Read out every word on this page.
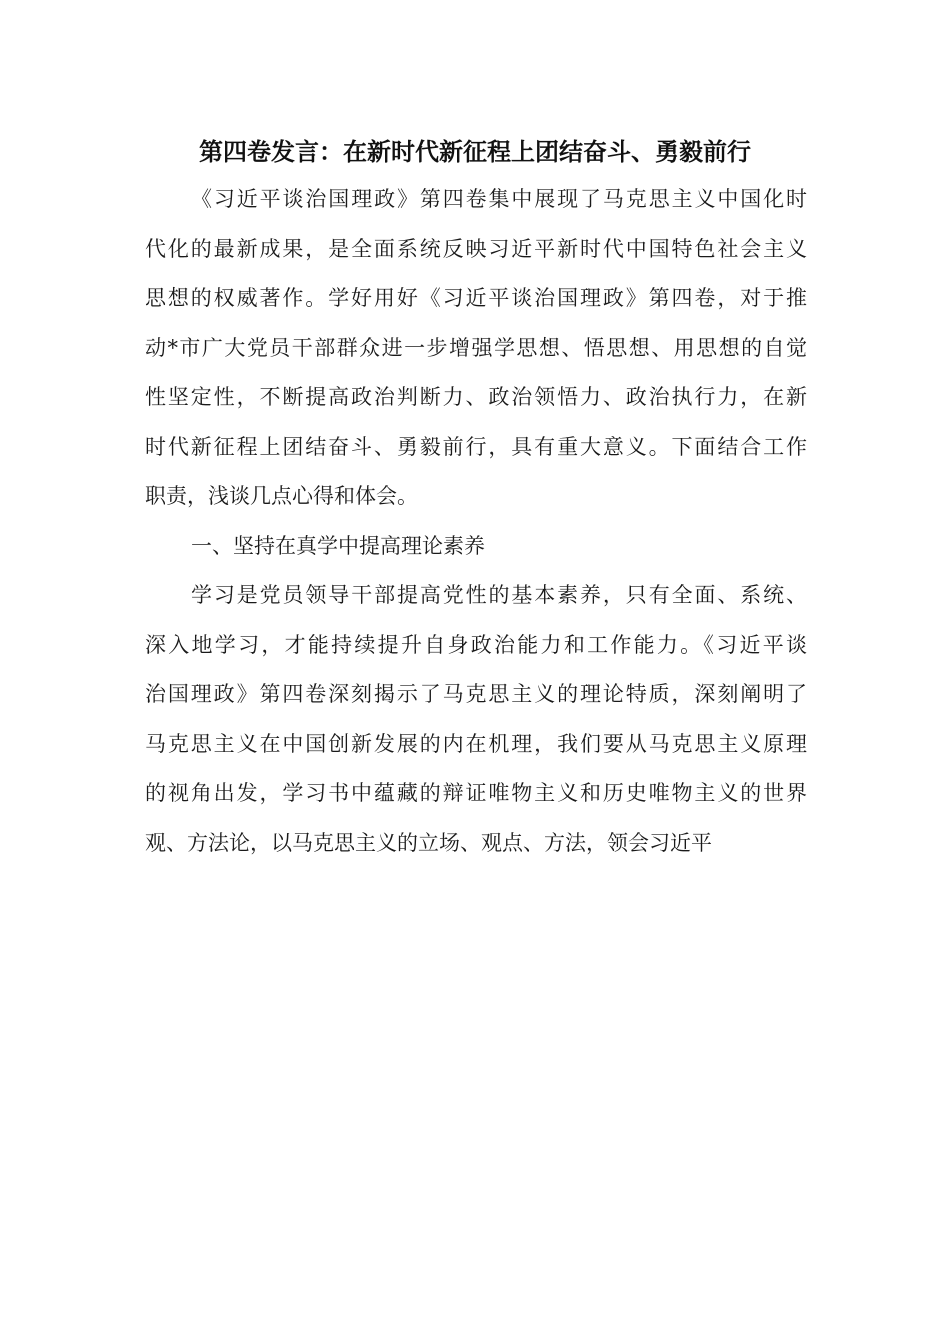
第四卷发言：在新时代新征程上团结奋斗、勇毅前行
《习近平谈治国理政》第四卷集中展现了马克思主义中国化时
代化的最新成果，是全面系统反映习近平新时代中国特色社会主义
思想的权威著作。学好用好《习近平谈治国理政》第四卷，对于推
动*市广大党员干部群众进一步增强学思想、悟思想、用思想的自觉
性坚定性，不断提高政治判断力、政治领悟力、政治执行力，在新
时代新征程上团结奋斗、勇毅前行，具有重大意义。下面结合工作
职责，浅谈几点心得和体会。
一、坚持在真学中提高理论素养
学习是党员领导干部提高党性的基本素养，只有全面、系统、
深入地学习，才能持续提升自身政治能力和工作能力。《习近平谈
治国理政》第四卷深刻揭示了马克思主义的理论特质，深刻阐明了
马克思主义在中国创新发展的内在机理，我们要从马克思主义原理
的视角出发，学习书中蕴藏的辩证唯物主义和历史唯物主义的世界
观、方法论，以马克思主义的立场、观点、方法，领会习近平
